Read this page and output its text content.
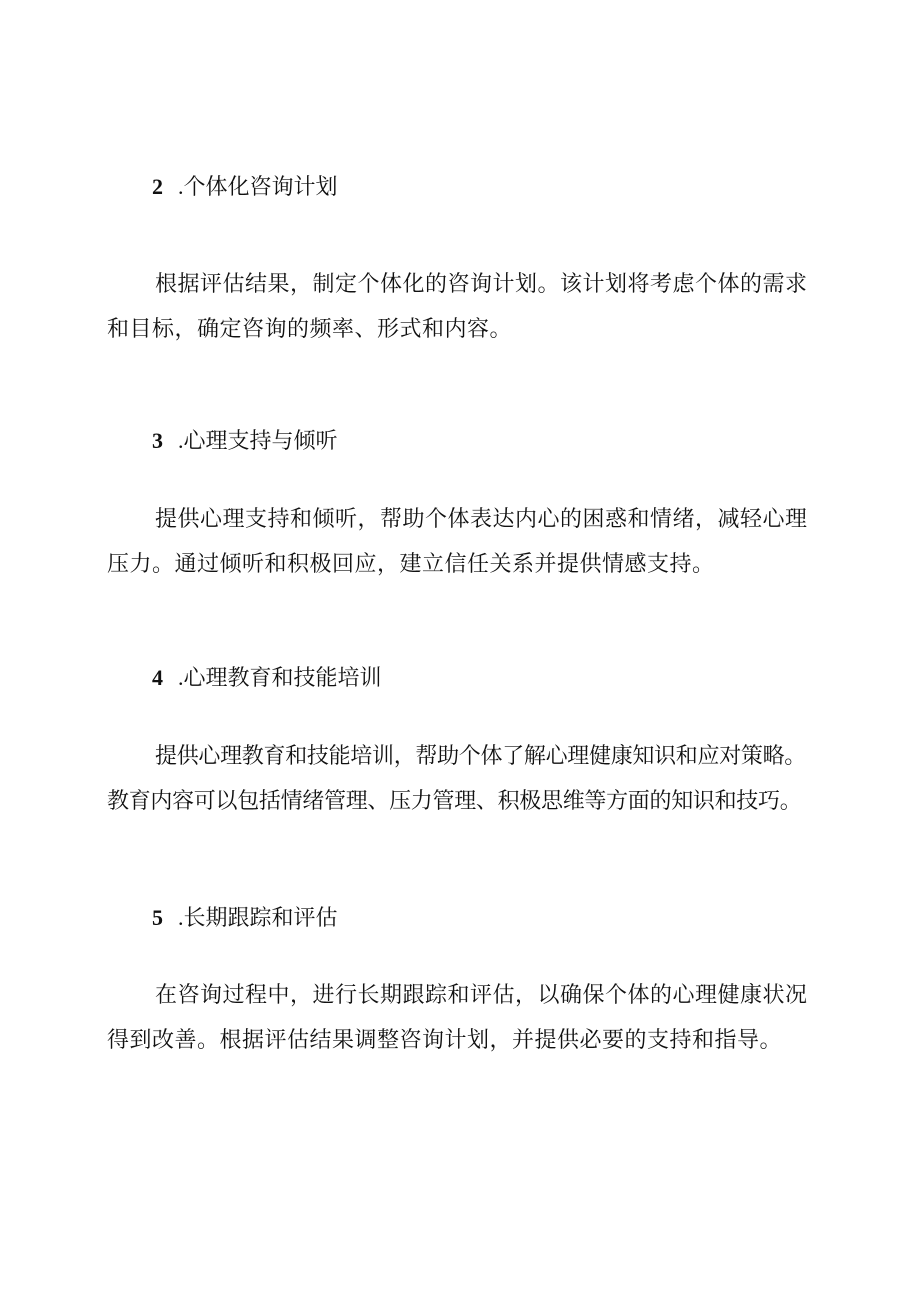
2 .个体化咨询计划
根据评估结果，制定个体化的咨询计划。该计划将考虑个体的需求
和目标，确定咨询的频率、形式和内容。
3 .心理支持与倾听
提供心理支持和倾听，帮助个体表达内心的困惑和情绪，减轻心理
压力。通过倾听和积极回应，建立信任关系并提供情感支持。
4 .心理教育和技能培训
提供心理教育和技能培训，帮助个体了解心理健康知识和应对策略。
教育内容可以包括情绪管理、压力管理、积极思维等方面的知识和技巧。
5 .长期跟踪和评估
在咨询过程中，进行长期跟踪和评估，以确保个体的心理健康状况
得到改善。根据评估结果调整咨询计划，并提供必要的支持和指导。
